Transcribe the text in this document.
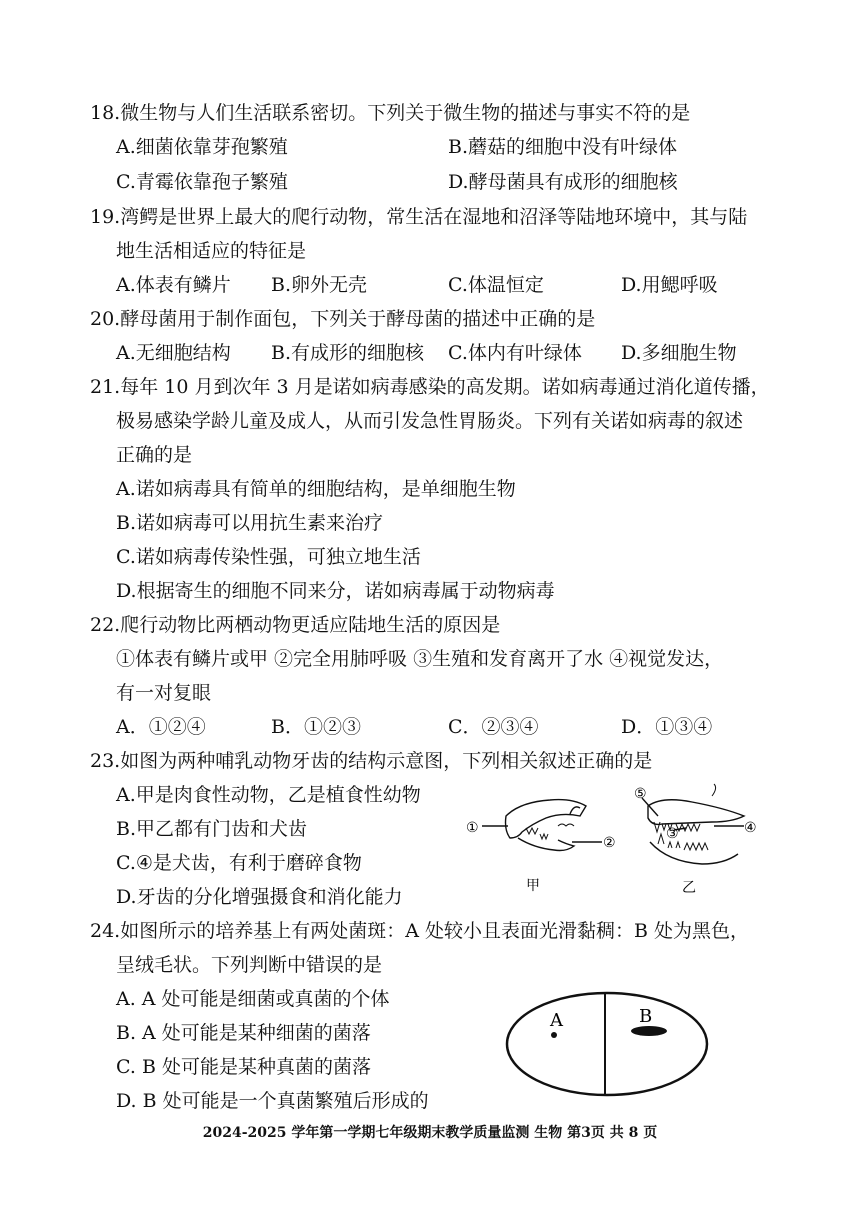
18.微生物与人们生活联系密切。下列关于微生物的描述与事实不符的是
A.细菌依靠芽孢繁殖	B.蘑菇的细胞中没有叶绿体
C.青霉依靠孢子繁殖	D.酵母菌具有成形的细胞核
19.湾鳄是世界上最大的爬行动物，常生活在湿地和沼泽等陆地环境中，其与陆
地生活相适应的特征是
A.体表有鳞片 B.卵外无壳	C.体温恒定	D.用鳃呼吸
20.酵母菌用于制作面包，下列关于酵母菌的描述中正确的是
A.无细胞结构 B.有成形的细胞核 C.体内有叶绿体 D.多细胞生物
21.每年 10 月到次年 3 月是诺如病毒感染的高发期。诺如病毒通过消化道传播，
极易感染学龄儿童及成人，从而引发急性胃肠炎。下列有关诺如病毒的叙述
正确的是
A.诺如病毒具有简单的细胞结构，是单细胞生物
B.诺如病毒可以用抗生素来治疗
C.诺如病毒传染性强，可独立地生活
D.根据寄生的细胞不同来分，诺如病毒属于动物病毒
22.爬行动物比两栖动物更适应陆地生活的原因是
①体表有鳞片或甲 ②完全用肺呼吸 ③生殖和发育离开了水 ④视觉发达，
有一对复眼
A．①②④	B．①②③	C．②③④	D．①③④
23.如图为两种哺乳动物牙齿的结构示意图，下列相关叙述正确的是
A.甲是肉食性动物，乙是植食性幼物
B.甲乙都有门齿和犬齿
C.④是犬齿，有利于磨碎食物
D.牙齿的分化增强摄食和消化能力
①
②
⑤
③	④
甲	乙
24.如图所示的培养基上有两处菌斑：A 处较小且表面光滑黏稠：B 处为黑色，
呈绒毛状。下列判断中错误的是
A. A 处可能是细菌或真菌的个体
B. A 处可能是某种细菌的菌落
C. B 处可能是某种真菌的菌落
D. B 处可能是一个真菌繁殖后形成的
A	B
2024-2025 学年第一学期七年级期末教学质量监测 生物 第3页 共 8 页
